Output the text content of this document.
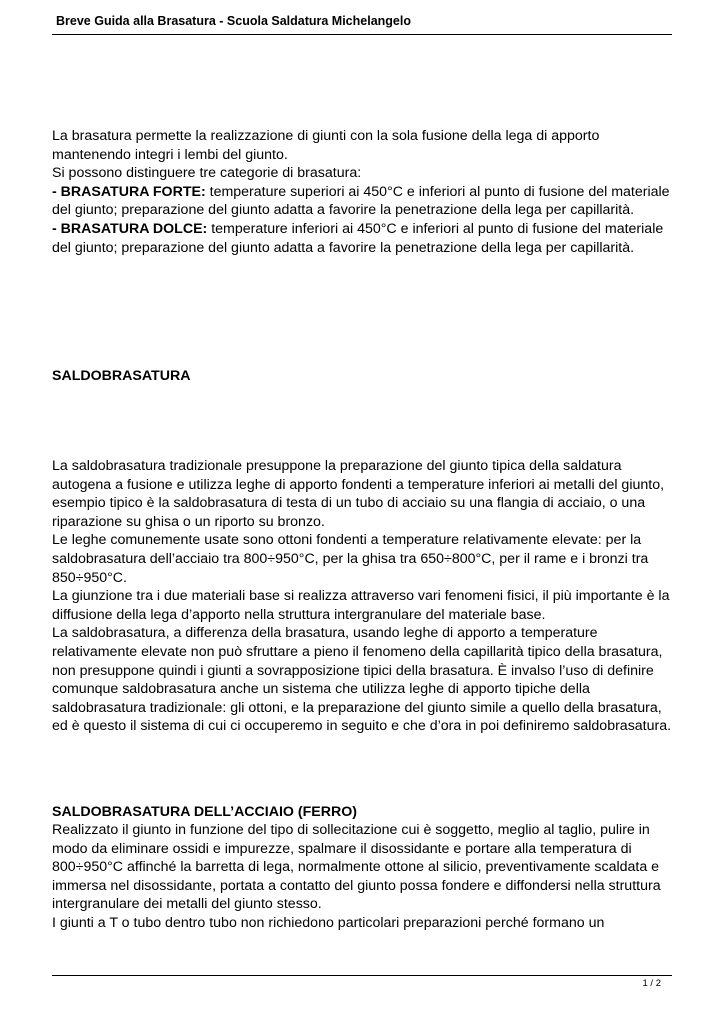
Breve Guida alla Brasatura - Scuola Saldatura Michelangelo

La brasatura permette la realizzazione di giunti con la sola fusione della lega di apporto mantenendo integri i lembi del giunto.

Si possono distinguere tre categorie di brasatura:

- BRASATURA FORTE: temperature superiori ai 450°C e inferiori al punto di fusione del materiale del giunto; preparazione del giunto adatta a favorire la penetrazione della lega per capillarità.

- BRASATURA DOLCE: temperature inferiori ai 450°C e inferiori al punto di fusione del materiale del giunto; preparazione del giunto adatta a favorire la penetrazione della lega per capillarità.

SALDOBRASATURA

La saldobrasatura tradizionale presuppone la preparazione del giunto tipica della saldatura autogena a fusione e utilizza leghe di apporto fondenti a temperature inferiori ai metalli del giunto, esempio tipico è la saldobrasatura di testa di un tubo di acciaio su una flangia di acciaio, o una riparazione su ghisa o un riporto su bronzo.

Le leghe comunemente usate sono ottoni fondenti a temperature relativamente elevate: per la saldobrasatura dell’acciaio tra 800÷950°C, per la ghisa tra 650÷800°C, per il rame e i bronzi tra 850÷950°C.

La giunzione tra i due materiali base si realizza attraverso vari fenomeni fisici, il più importante è la diffusione della lega d’apporto nella struttura intergranulare del materiale base.

La saldobrasatura, a differenza della brasatura, usando leghe di apporto a temperature relativamente elevate non può sfruttare a pieno il fenomeno della capillarità tipico della brasatura, non presuppone quindi i giunti a sovrapposizione tipici della brasatura. È invalso l’uso di definire comunque saldobrasatura anche un sistema che utilizza leghe di apporto tipiche della saldobrasatura tradizionale: gli ottoni, e la preparazione del giunto simile a quello della brasatura, ed è questo il sistema di cui ci occuperemo in seguito e che d’ora in poi definiremo saldobrasatura.

SALDOBRASATURA DELL’ACCIAIO (FERRO)

Realizzato il giunto in funzione del tipo di sollecitazione cui è soggetto, meglio al taglio, pulire in modo da eliminare ossidi e impurezze, spalmare il disossidante e portare alla temperatura di 800÷950°C affinché la barretta di lega, normalmente ottone al silicio, preventivamente scaldata e immersa nel disossidante, portata a contatto del giunto possa fondere e diffondersi nella struttura intergranulare dei metalli del giunto stesso.

I giunti a T o tubo dentro tubo non richiedono particolari preparazioni perché formano un

1 / 2
